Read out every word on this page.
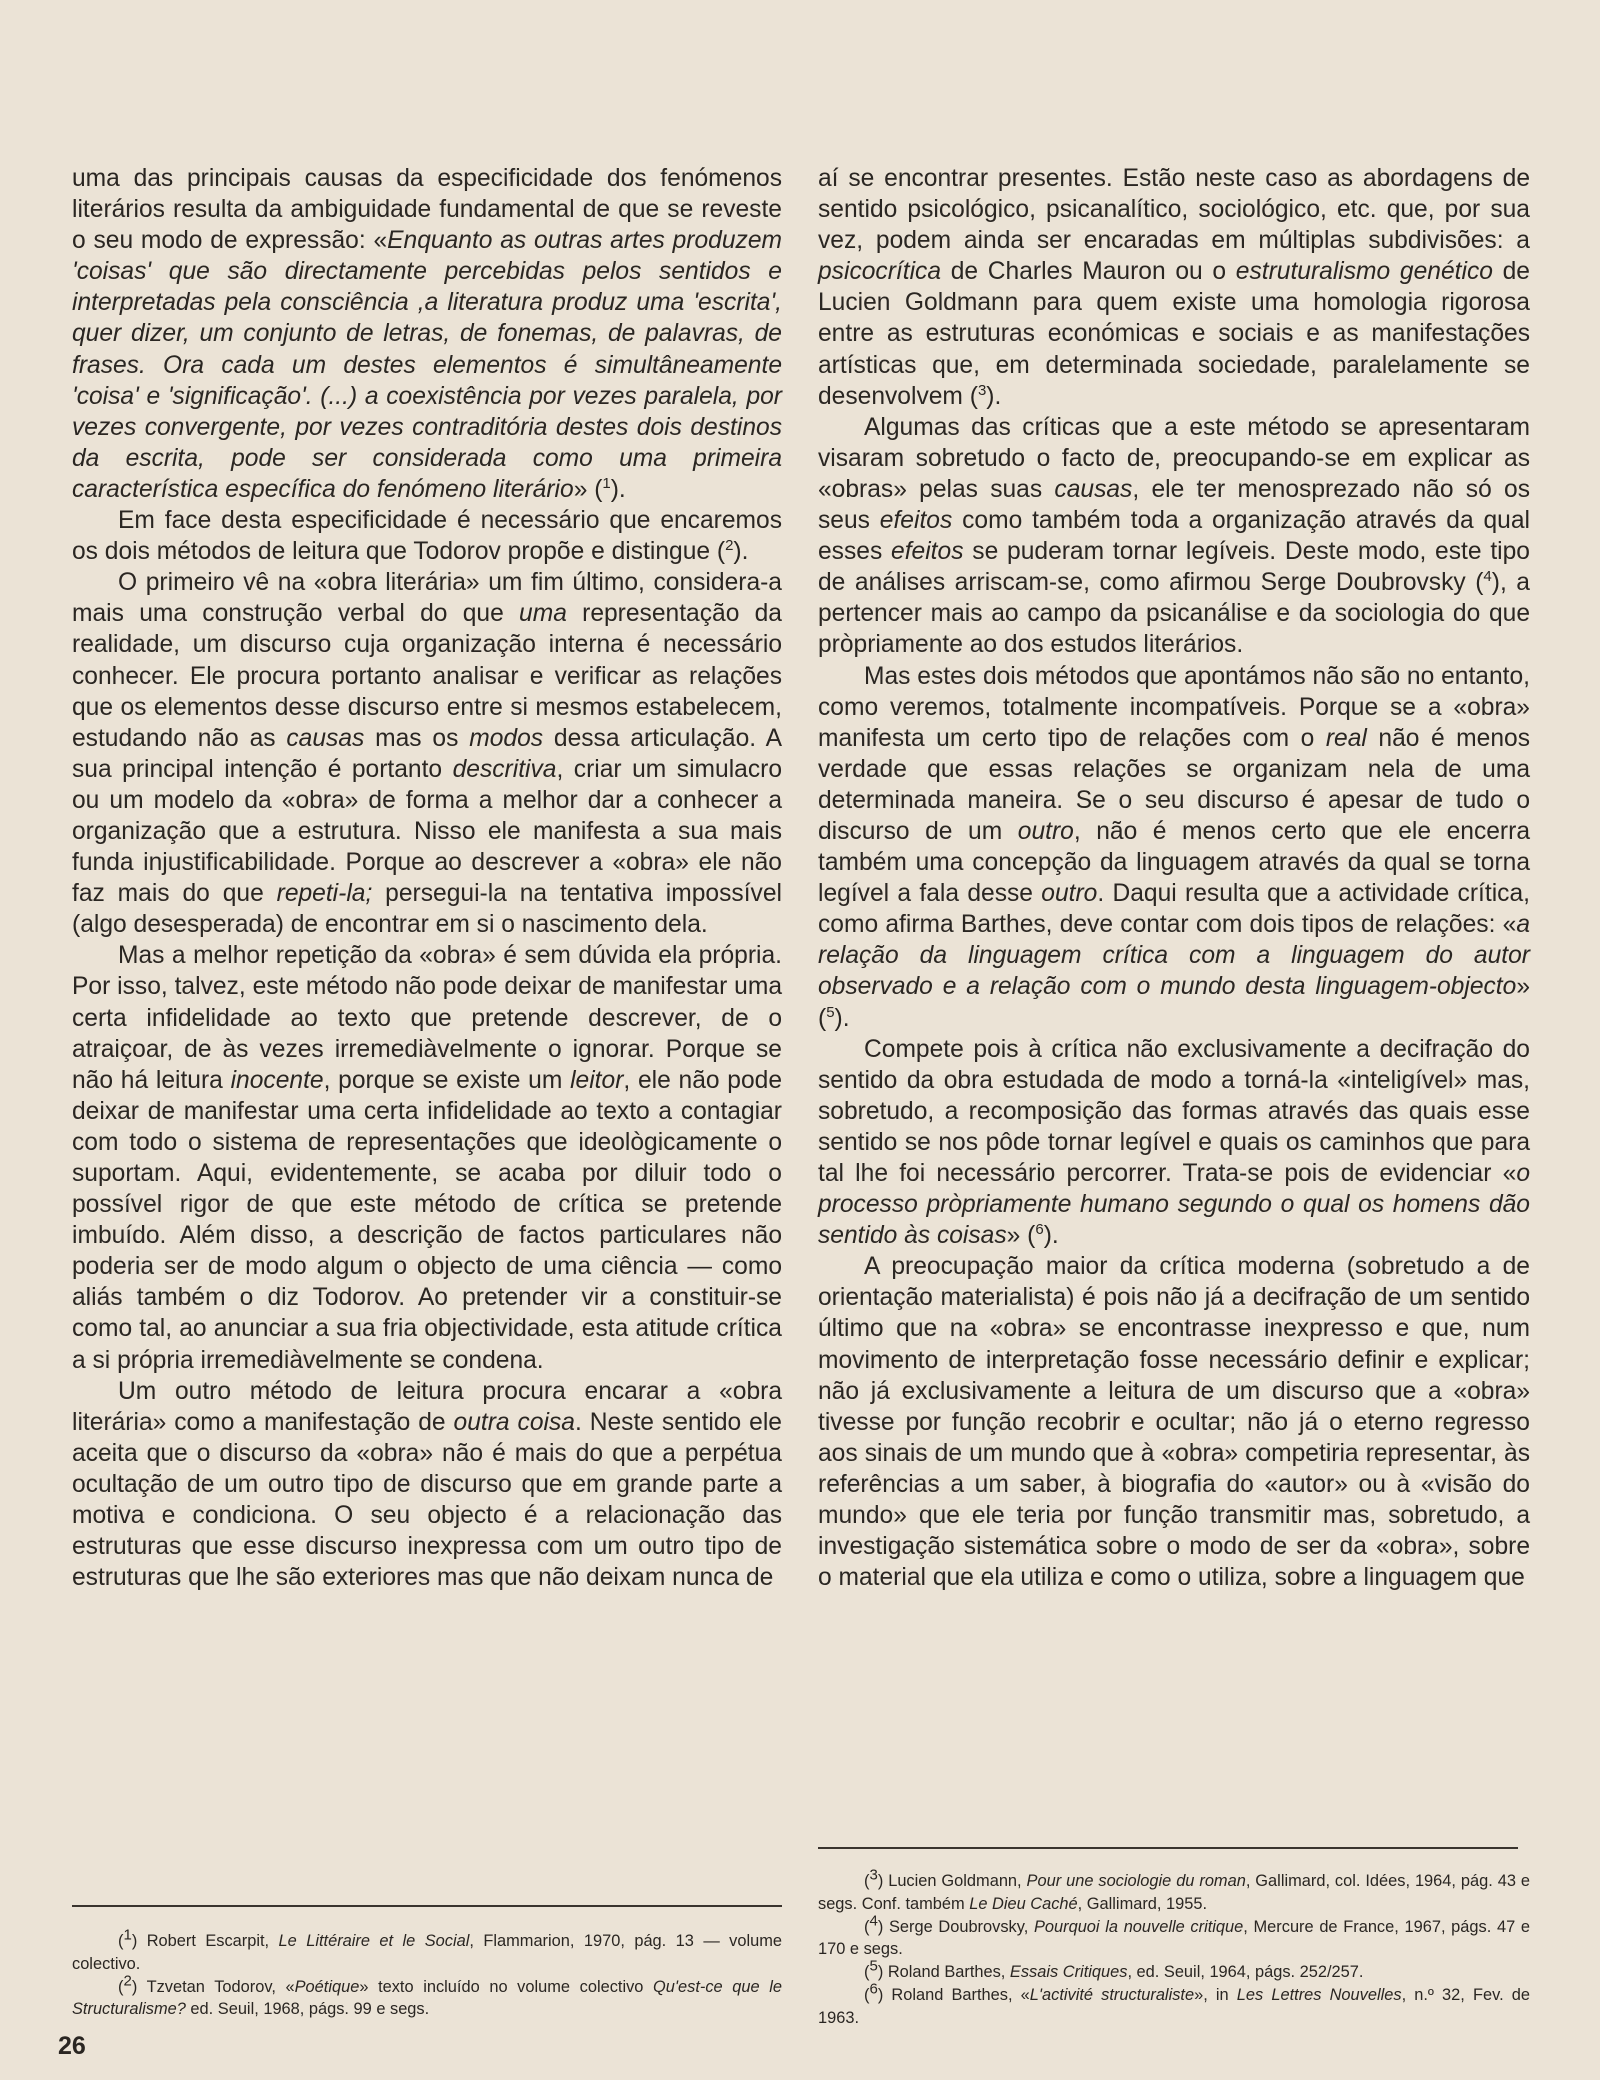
uma das principais causas da especificidade dos fenómenos literários resulta da ambiguidade fundamental de que se reveste o seu modo de expressão: «Enquanto as outras artes produzem 'coisas' que são directamente percebidas pelos sentidos e interpretadas pela consciência ,a literatura produz uma 'escrita', quer dizer, um conjunto de letras, de fonemas, de palavras, de frases. Ora cada um destes elementos é simultâneamente 'coisa' e 'significação'. (...) a coexistência por vezes paralela, por vezes convergente, por vezes contraditória destes dois destinos da escrita, pode ser considerada como uma primeira característica específica do fenómeno literário» ($^1$).

Em face desta especificidade é necessário que encaremos os dois métodos de leitura que Todorov propõe e distingue ($^2$).

O primeiro vê na «obra literária» um fim último, considera-a mais uma construção verbal do que uma representação da realidade, um discurso cuja organização interna é necessário conhecer. Ele procura portanto analisar e verificar as relações que os elementos desse discurso entre si mesmos estabelecem, estudando não as causas mas os modos dessa articulação. A sua principal intenção é portanto descritiva, criar um simulacro ou um modelo da «obra» de forma a melhor dar a conhecer a organização que a estrutura. Nisso ele manifesta a sua mais funda injustificabilidade. Porque ao descrever a «obra» ele não faz mais do que repeti-la; persegui-la na tentativa impossível (algo desesperada) de encontrar em si o nascimento dela.

Mas a melhor repetição da «obra» é sem dúvida ela própria. Por isso, talvez, este método não pode deixar de manifestar uma certa infidelidade ao texto que pretende descrever, de o atraiçoar, de às vezes irremediàvelmente o ignorar. Porque se não há leitura inocente, porque se existe um leitor, ele não pode deixar de manifestar uma certa infidelidade ao texto a contagiar com todo o sistema de representações que ideològicamente o suportam. Aqui, evidentemente, se acaba por diluir todo o possível rigor de que este método de crítica se pretende imbuído. Além disso, a descrição de factos particulares não poderia ser de modo algum o objecto de uma ciência — como aliás também o diz Todorov. Ao pretender vir a constituir-se como tal, ao anunciar a sua fria objectividade, esta atitude crítica a si própria irremediàvelmente se condena.

Um outro método de leitura procura encarar a «obra literária» como a manifestação de outra coisa. Neste sentido ele aceita que o discurso da «obra» não é mais do que a perpétua ocultação de um outro tipo de discurso que em grande parte a motiva e condiciona. O seu objecto é a relacionação das estruturas que esse discurso inexpressa com um outro tipo de estruturas que lhe são exteriores mas que não deixam nunca de

aí se encontrar presentes. Estão neste caso as abordagens de sentido psicológico, psicanalítico, sociológico, etc. que, por sua vez, podem ainda ser encaradas em múltiplas subdivisões: a psicocrítica de Charles Mauron ou o estruturalismo genético de Lucien Goldmann para quem existe uma homologia rigorosa entre as estruturas económicas e sociais e as manifestações artísticas que, em determinada sociedade, paralelamente se desenvolvem ($^3$).

Algumas das críticas que a este método se apresentaram visaram sobretudo o facto de, preocupando-se em explicar as «obras» pelas suas causas, ele ter menosprezado não só os seus efeitos como também toda a organização através da qual esses efeitos se puderam tornar legíveis. Deste modo, este tipo de análises arriscam-se, como afirmou Serge Doubrovsky ($^4$), a pertencer mais ao campo da psicanálise e da sociologia do que pròpriamente ao dos estudos literários.

Mas estes dois métodos que apontámos não são no entanto, como veremos, totalmente incompatíveis. Porque se a «obra» manifesta um certo tipo de relações com o real não é menos verdade que essas relações se organizam nela de uma determinada maneira. Se o seu discurso é apesar de tudo o discurso de um outro, não é menos certo que ele encerra também uma concepção da linguagem através da qual se torna legível a fala desse outro. Daqui resulta que a actividade crítica, como afirma Barthes, deve contar com dois tipos de relações: «a relação da linguagem crítica com a linguagem do autor observado e a relação com o mundo desta linguagem-objecto» ($^5$).

Compete pois à crítica não exclusivamente a decifração do sentido da obra estudada de modo a torná-la «inteligível» mas, sobretudo, a recomposição das formas através das quais esse sentido se nos pôde tornar legível e quais os caminhos que para tal lhe foi necessário percorrer. Trata-se pois de evidenciar «o processo pròpriamente humano segundo o qual os homens dão sentido às coisas» ($^6$).

A preocupação maior da crítica moderna (sobretudo a de orientação materialista) é pois não já a decifração de um sentido último que na «obra» se encontrasse inexpresso e que, num movimento de interpretação fosse necessário definir e explicar; não já exclusivamente a leitura de um discurso que a «obra» tivesse por função recobrir e ocultar; não já o eterno regresso aos sinais de um mundo que à «obra» competiria representar, às referências a um saber, à biografia do «autor» ou à «visão do mundo» que ele teria por função transmitir mas, sobretudo, a investigação sistemática sobre o modo de ser da «obra», sobre o material que ela utiliza e como o utiliza, sobre a linguagem que

($^1$) Robert Escarpit, Le Littéraire et le Social, Flammarion, 1970, pág. 13 — volume colectivo.

($^2$) Tzvetan Todorov, «Poétique» texto incluído no volume colectivo Qu'est-ce que le Structuralisme? ed. Seuil, 1968, págs. 99 e segs.

($^3$) Lucien Goldmann, Pour une sociologie du roman, Gallimard, col. Idées, 1964, pág. 43 e segs. Conf. também Le Dieu Caché, Gallimard, 1955.

($^4$) Serge Doubrovsky, Pourquoi la nouvelle critique, Mercure de France, 1967, págs. 47 e 170 e segs.

($^5$) Roland Barthes, Essais Critiques, ed. Seuil, 1964, págs. 252/257.

($^6$) Roland Barthes, «L'activité structuraliste», in Les Lettres Nouvelles, n.º 32, Fev. de 1963.

26
